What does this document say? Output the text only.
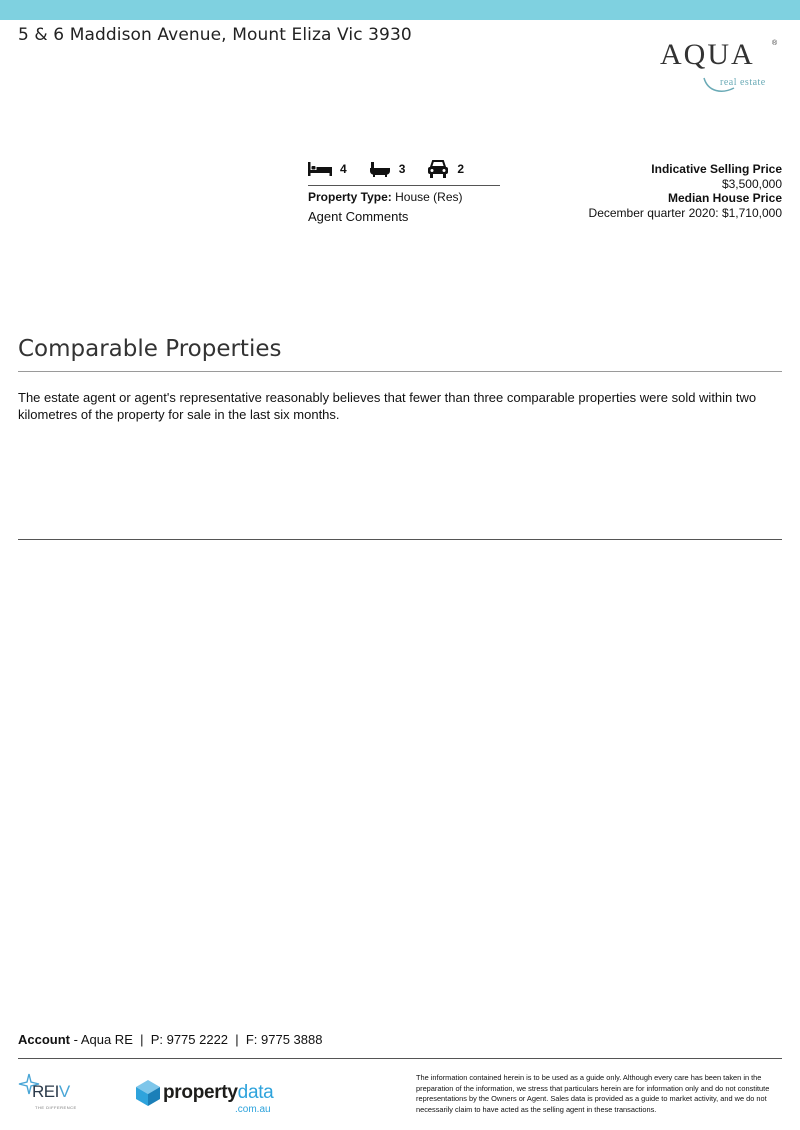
5 & 6 Maddison Avenue, Mount Eliza Vic 3930
AQUA ®
real estate
4	3	2
Property Type: House (Res)
Agent Comments
Indicative Selling Price
$3,500,000
Median House Price
December quarter 2020: $1,710,000
Comparable Properties

The estate agent or agent's representative reasonably believes that fewer than three comparable properties were sold within two kilometres of the property for sale in the last six months.

Account - Aqua RE  |  P: 9775 2222  |  F: 9775 3888
REIV
THE DIFFERENCE
propertydata
.com.au

The information contained herein is to be used as a guide only. Although every care has been taken in the preparation of the information, we stress that particulars herein are for information only and do not constitute representations by the Owners or Agent. Sales data is provided as a guide to market activity, and we do not necessarily claim to have acted as the selling agent in these transactions.
